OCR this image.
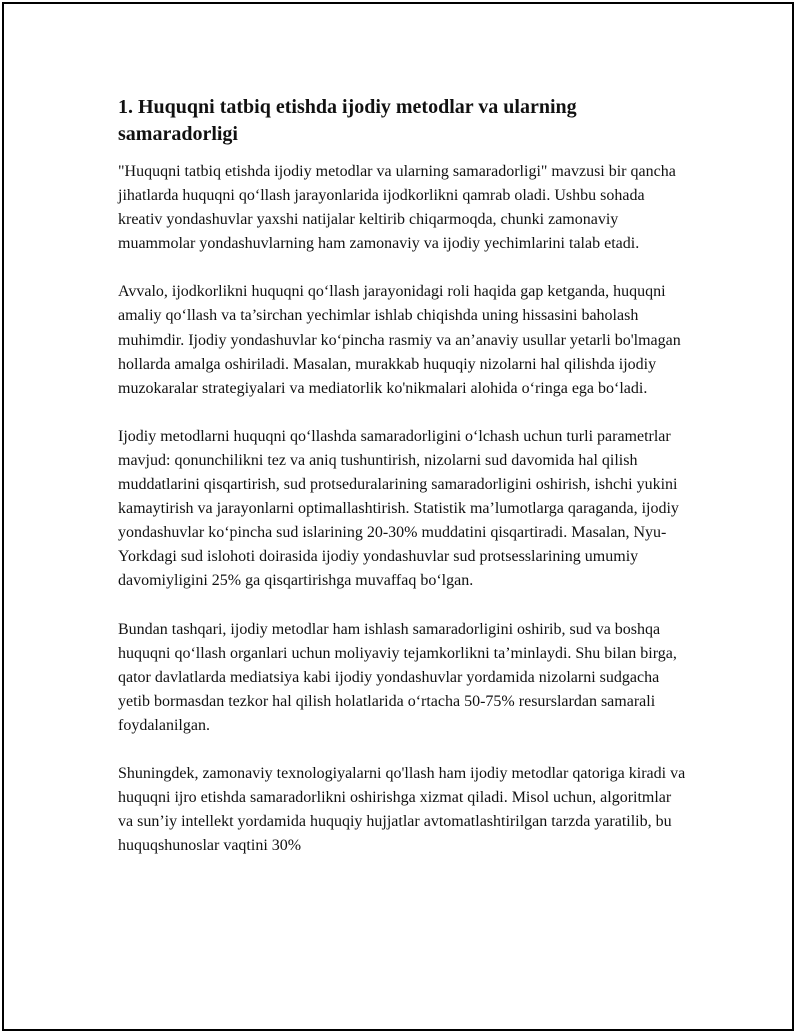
1. Huquqni tatbiq etishda ijodiy metodlar va ularning samaradorligi

"Huquqni tatbiq etishda ijodiy metodlar va ularning samaradorligi" mavzusi bir qancha jihatlarda huquqni qo‘llash jarayonlarida ijodkorlikni qamrab oladi. Ushbu sohada kreativ yondashuvlar yaxshi natijalar keltirib chiqarmoqda, chunki zamonaviy muammolar yondashuvlarning ham zamonaviy va ijodiy yechimlarini talab etadi.

Avvalo, ijodkorlikni huquqni qo‘llash jarayonidagi roli haqida gap ketganda, huquqni amaliy qo‘llash va ta’sirchan yechimlar ishlab chiqishda uning hissasini baholash muhimdir. Ijodiy yondashuvlar ko‘pincha rasmiy va an’anaviy usullar yetarli bo'lmagan hollarda amalga oshiriladi. Masalan, murakkab huquqiy nizolarni hal qilishda ijodiy muzokaralar strategiyalari va mediatorlik ko'nikmalari alohida o‘ringa ega bo‘ladi.

Ijodiy metodlarni huquqni qo‘llashda samaradorligini o‘lchash uchun turli parametrlar mavjud: qonunchilikni tez va aniq tushuntirish, nizolarni sud davomida hal qilish muddatlarini qisqartirish, sud protseduralarining samaradorligini oshirish, ishchi yukini kamaytirish va jarayonlarni optimallashtirish. Statistik ma’lumotlarga qaraganda, ijodiy yondashuvlar ko‘pincha sud islarining 20-30% muddatini qisqartiradi. Masalan, Nyu-Yorkdagi sud islohoti doirasida ijodiy yondashuvlar sud protsesslarining umumiy davomiyligini 25% ga qisqartirishga muvaffaq bo‘lgan.

Bundan tashqari, ijodiy metodlar ham ishlash samaradorligini oshirib, sud va boshqa huquqni qo‘llash organlari uchun moliyaviy tejamkorlikni ta’minlaydi. Shu bilan birga, qator davlatlarda mediatsiya kabi ijodiy yondashuvlar yordamida nizolarni sudgacha yetib bormasdan tezkor hal qilish holatlarida o‘rtacha 50-75% resurslardan samarali foydalanilgan.

Shuningdek, zamonaviy texnologiyalarni qo'llash ham ijodiy metodlar qatoriga kiradi va huquqni ijro etishda samaradorlikni oshirishga xizmat qiladi. Misol uchun, algoritmlar va sun’iy intellekt yordamida huquqiy hujjatlar avtomatlashtirilgan tarzda yaratilib, bu huquqshunoslar vaqtini 30%
